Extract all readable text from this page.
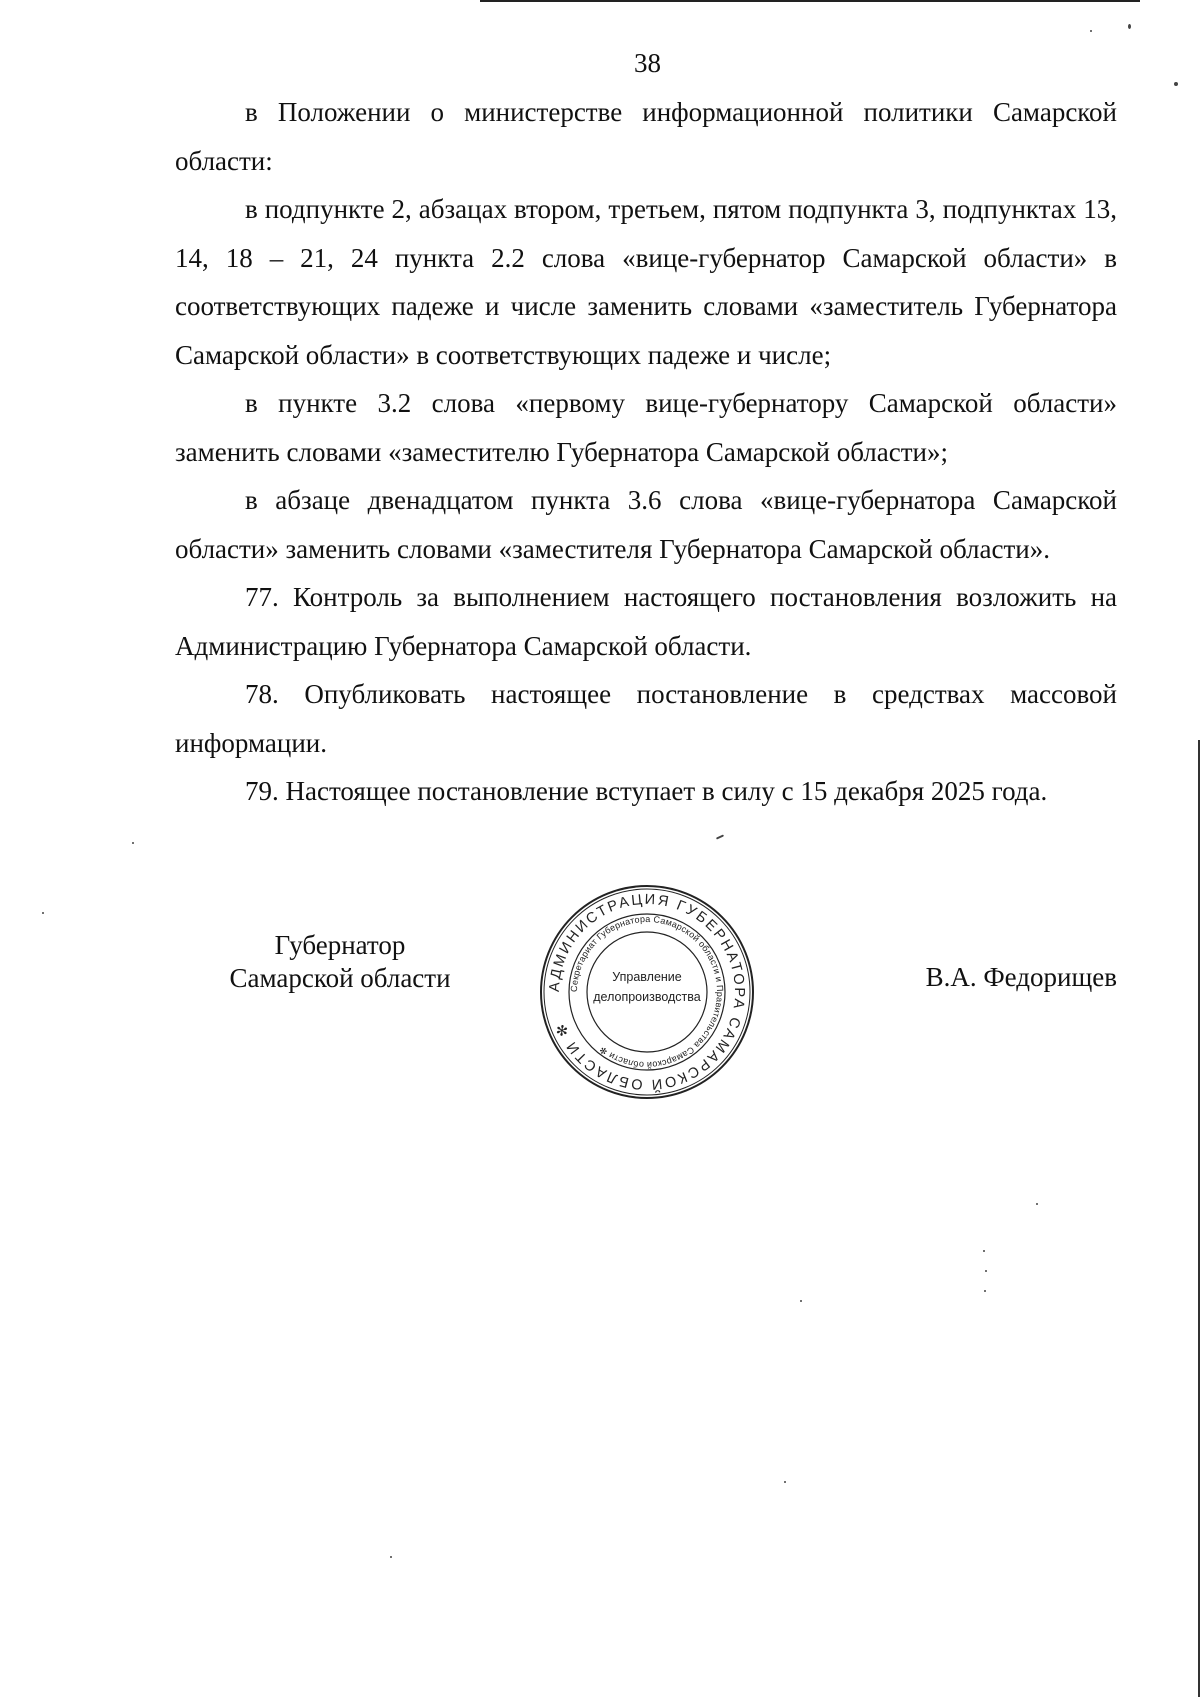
38

в Положении о министерстве информационной политики Самарской области:

в подпункте 2, абзацах втором, третьем, пятом подпункта 3, подпунктах 13, 14, 18 – 21, 24 пункта 2.2 слова «вице-губернатор Самарской области» в соответствующих падеже и числе заменить словами «заместитель Губернатора Самарской области» в соответствующих падеже и числе;

в пункте 3.2 слова «первому вице-губернатору Самарской области» заменить словами «заместителю Губернатора Самарской области»;

в абзаце двенадцатом пункта 3.6 слова «вице-губернатора Самарской области» заменить словами «заместителя Губернатора Самарской области».

77. Контроль за выполнением настоящего постановления возложить на Администрацию Губернатора Самарской области.

78. Опубликовать настоящее постановление в средствах массовой информации.

79. Настоящее постановление вступает в силу с 15 декабря 2025 года.

Губернатор
Самарской области	АДМИНИСТРАЦИЯ ГУБЕРНАТОРА САМАРСКОЙ ОБЛАСТИ ✻
Секретариат Губернатора Самарской области и Правительства Самарской области ✻
Управление
делопроизводства
В.А. Федорищев
